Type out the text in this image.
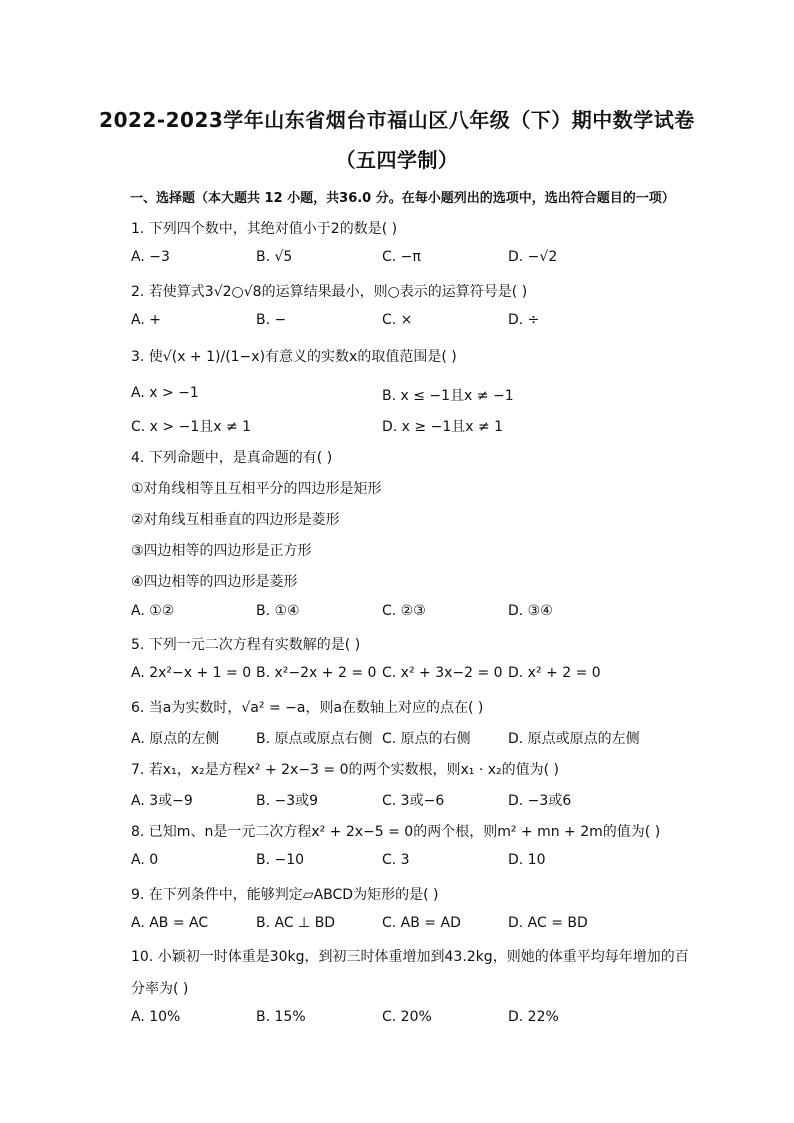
2022-2023学年山东省烟台市福山区八年级（下）期中数学试卷
（五四学制）
一、选择题（本大题共 12 小题，共36.0 分。在每小题列出的选项中，选出符合题目的一项）
1. 下列四个数中，其绝对值小于2的数是( )
A. −3	B. √5	C. −π	D. −√2
2. 若使算式3√2○√8的运算结果最小，则○表示的运算符号是( )
A. +	B. −	C. ×	D. ÷
3. 使√(x + 1)/(1−x)有意义的实数x的取值范围是( )
A. x > −1	B. x ≤ −1且x ≠ −1
C. x > −1且x ≠ 1	D. x ≥ −1且x ≠ 1
4. 下列命题中，是真命题的有( )
①对角线相等且互相平分的四边形是矩形
②对角线互相垂直的四边形是菱形
③四边相等的四边形是正方形
④四边相等的四边形是菱形
A. ①②	B. ①④	C. ②③	D. ③④
5. 下列一元二次方程有实数解的是( )
A. 2x²−x + 1 = 0 B. x²−2x + 2 = 0 C. x² + 3x−2 = 0 D. x² + 2 = 0
6. 当a为实数时，√a² = −a，则a在数轴上对应的点在( )
A. 原点的左侧	B. 原点或原点右侧 C. 原点的右侧	D. 原点或原点的左侧
7. 若x₁，x₂是方程x² + 2x−3 = 0的两个实数根，则x₁ · x₂的值为( )
A. 3或−9	B. −3或9	C. 3或−6	D. −3或6
8. 已知m、n是一元二次方程x² + 2x−5 = 0的两个根，则m² + mn + 2m的值为( )
A. 0	B. −10	C. 3	D. 10
9. 在下列条件中，能够判定▱ABCD为矩形的是( )
A. AB = AC	B. AC ⊥ BD	C. AB = AD	D. AC = BD
10. 小颖初一时体重是30kg，到初三时体重增加到43.2kg，则她的体重平均每年增加的百
分率为( )
A. 10%	B. 15%	C. 20%	D. 22%
